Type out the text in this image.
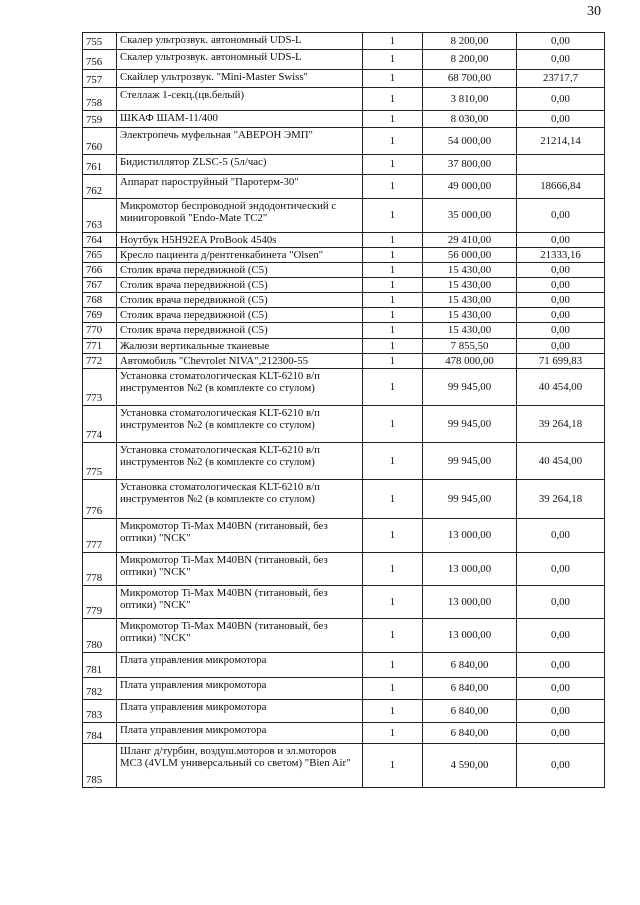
30
755	Скалер ультрозвук. автономный UDS-L	1	8 200,00	0,00
756	Скалер ультрозвук. автономный UDS-L	1	8 200,00	0,00
757	Скайлер ультрозвук. "Mini-Master Swiss"	1	68 700,00	23717,7
758	Стеллаж 1-секц.(цв.белый)	1	3 810,00	0,00
759	ШКАФ ШАМ-11/400	1	8 030,00	0,00
760	Электропечь муфельная "АВЕРОН ЭМП"	1	54 000,00	21214,14
761	Бидистиллятор ZLSC-5 (5л/час)	1	37 800,00	
762	Аппарат пароструйный "Паротерм-30"	1	49 000,00	18666,84
763	Микромотор беспроводной эндодонтический с минигоровкой "Endo-Mate TC2"	1	35 000,00	0,00
764	Ноутбук H5H92EA ProBook 4540s	1	29 410,00	0,00
765	Кресло пациента д/рентгенкабинета "Olsen"	1	56 000,00	21333,16
766	Столик врача передвижной (С5)	1	15 430,00	0,00
767	Столик врача передвижной (С5)	1	15 430,00	0,00
768	Столик врача передвижной (С5)	1	15 430,00	0,00
769	Столик врача передвижной (С5)	1	15 430,00	0,00
770	Столик врача передвижной (С5)	1	15 430,00	0,00
771	Жалюзи вертикальные тканевые	1	7 855,50	0,00
772	Автомобиль "Chevrolet NIVA",212300-55	1	478 000,00	71 699,83
773	Установка стоматологическая KLT-6210 в/п инструментов №2 (в комплекте со стулом)	1	99 945,00	40 454,00
774	Установка стоматологическая KLT-6210 в/п инструментов №2 (в комплекте со стулом)	1	99 945,00	39 264,18
775	Установка стоматологическая KLT-6210 в/п инструментов №2 (в комплекте со стулом)	1	99 945,00	40 454,00
776	Установка стоматологическая KLT-6210 в/п инструментов №2 (в комплекте со стулом)	1	99 945,00	39 264,18
777	Микромотор Ti-Max M40BN (титановый, без оптики) "NCK"	1	13 000,00	0,00
778	Микромотор Ti-Max M40BN (титановый, без оптики) "NCK"	1	13 000,00	0,00
779	Микромотор Ti-Max M40BN (титановый, без оптики) "NCK"	1	13 000,00	0,00
780	Микромотор Ti-Max M40BN (титановый, без оптики) "NCK"	1	13 000,00	0,00
781	Плата управления микромотора	1	6 840,00	0,00
782	Плата управления микромотора	1	6 840,00	0,00
783	Плата управления микромотора	1	6 840,00	0,00
784	Плата управления микромотора	1	6 840,00	0,00
785	Шланг д/турбин, воздуш.моторов и эл.моторов МС3 (4VLM универсальный со светом) "Bien Air"	1	4 590,00	0,00
